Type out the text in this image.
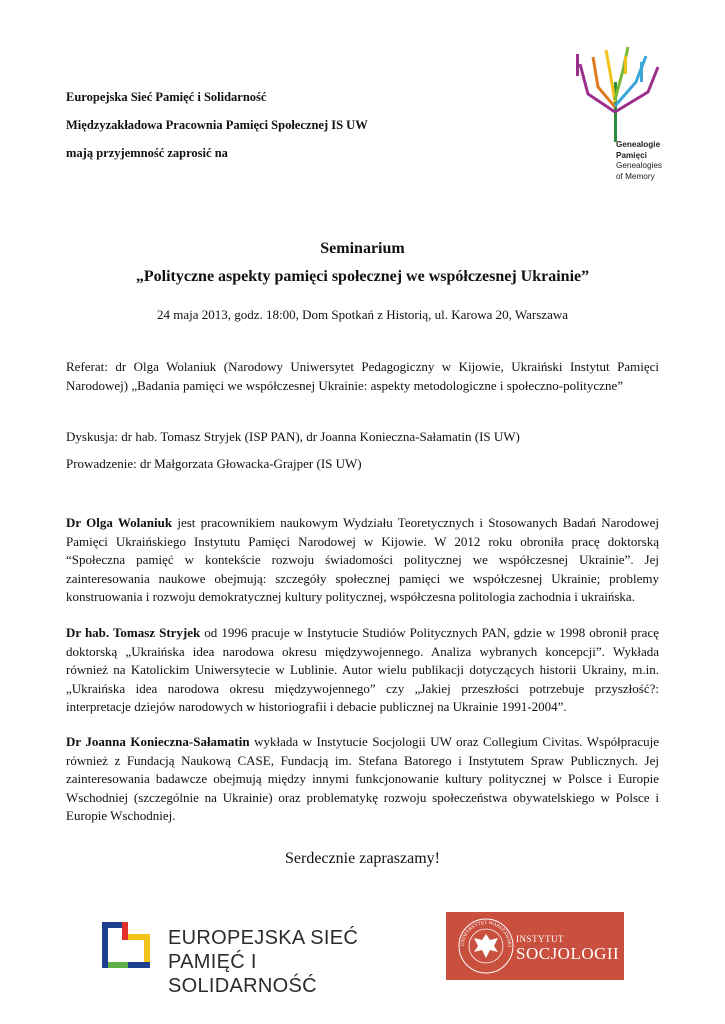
Europejska Sieć Pamięć i Solidarność
Międzyzakładowa Pracownia Pamięci Społecznej IS UW
mają przyjemność zaprosić na
Genealogie
Pamięci
Genealogies
of Memory
Seminarium
„Polityczne aspekty pamięci społecznej we współczesnej Ukrainie”
24 maja 2013, godz. 18:00, Dom Spotkań z Historią, ul. Karowa 20, Warszawa
Referat: dr Olga Wolaniuk (Narodowy Uniwersytet Pedagogiczny w Kijowie, Ukraiński Instytut Pamięci Narodowej) „Badania pamięci we współczesnej Ukrainie: aspekty metodologiczne i społeczno-polityczne”
Dyskusja: dr hab. Tomasz Stryjek (ISP PAN), dr Joanna Konieczna-Sałamatin (IS UW)
Prowadzenie: dr Małgorzata Głowacka-Grajper (IS UW)
Dr Olga Wolaniuk jest pracownikiem naukowym Wydziału Teoretycznych i Stosowanych Badań Narodowej Pamięci Ukraińskiego Instytutu Pamięci Narodowej w Kijowie. W 2012 roku obroniła pracę doktorską “Społeczna pamięć w kontekście rozwoju świadomości politycznej we współczesnej Ukrainie”. Jej zainteresowania naukowe obejmują: szczegóły społecznej pamięci we współczesnej Ukrainie; problemy konstruowania i rozwoju demokratycznej kultury politycznej, współczesna politologia zachodnia i ukraińska.
Dr hab. Tomasz Stryjek od 1996 pracuje w Instytucie Studiów Politycznych PAN, gdzie w 1998 obronił pracę doktorską „Ukraińska idea narodowa okresu międzywojennego. Analiza wybranych koncepcji”. Wykłada również na Katolickim Uniwersytecie w Lublinie. Autor wielu publikacji dotyczących historii Ukrainy, m.in. „Ukraińska idea narodowa okresu międzywojennego” czy „Jakiej przeszłości potrzebuje przyszłość?: interpretacje dziejów narodowych w historiografii i debacie publicznej na Ukrainie 1991-2004”.
Dr Joanna Konieczna-Sałamatin wykłada w Instytucie Socjologii UW oraz Collegium Civitas. Współpracuje również z Fundacją Naukową CASE, Fundacją im. Stefana Batorego i Instytutem Spraw Publicznych. Jej zainteresowania badawcze obejmują między innymi funkcjonowanie kultury politycznej w Polsce i Europie Wschodniej (szczególnie na Ukrainie) oraz problematykę rozwoju społeczeństwa obywatelskiego w Polsce i Europie Wschodniej.
Serdecznie zapraszamy!
EUROPEJSKA SIEĆ
PAMIĘĆ I SOLIDARNOŚĆ
UNIWERSYTET WARSZAWSKI
INSTYTUT
SOCJOLOGII
